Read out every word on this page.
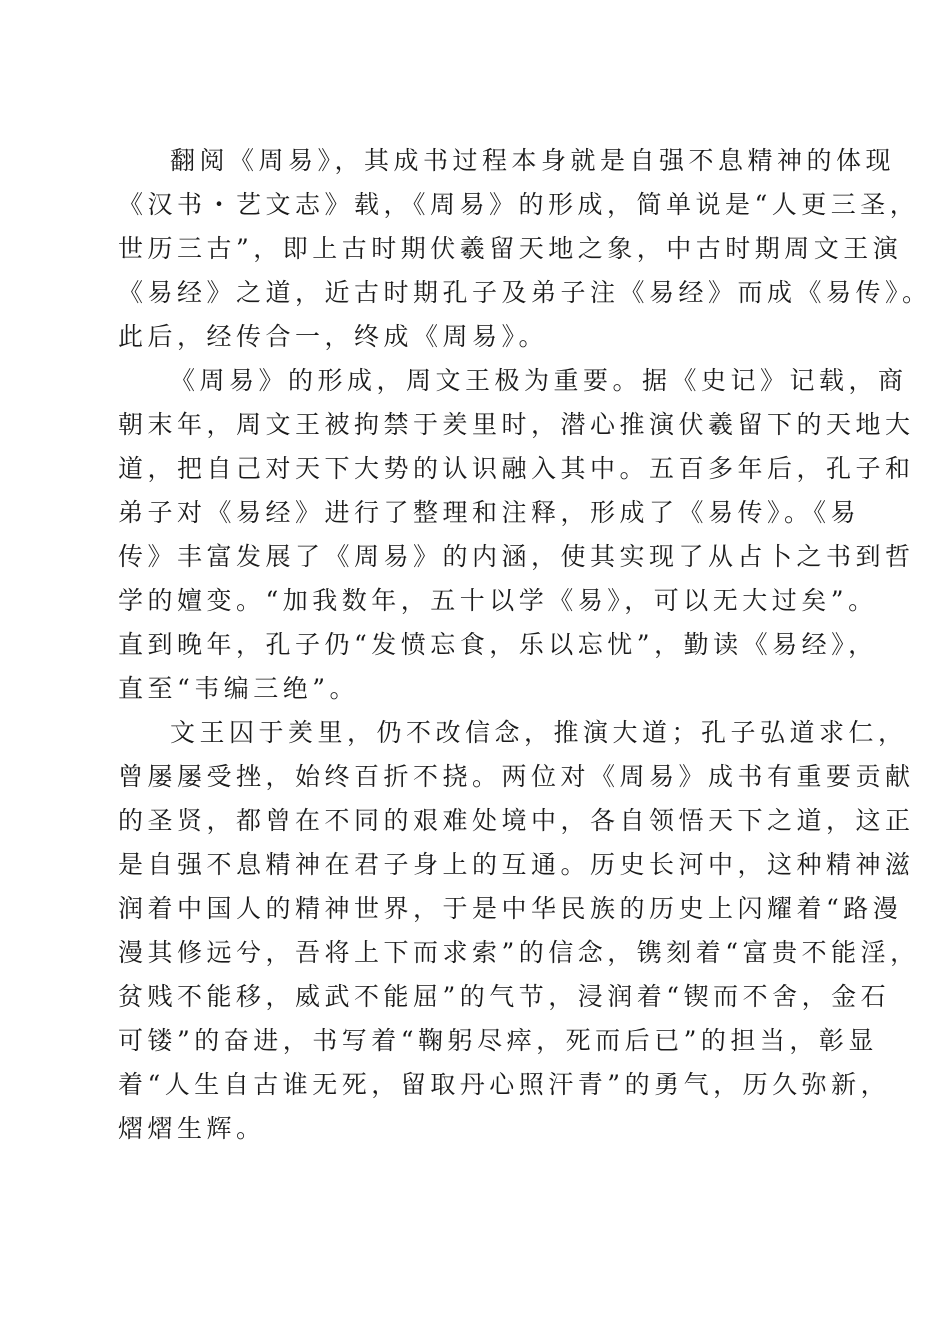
翻阅《周易》，其成书过程本身就是自强不息精神的体现
《汉书・艺文志》载，《周易》的形成，简单说是“人更三圣，
世历三古”，即上古时期伏羲留天地之象，中古时期周文王演
《易经》之道，近古时期孔子及弟子注《易经》而成《易传》。
此后，经传合一，终成《周易》。
《周易》的形成，周文王极为重要。据《史记》记载，商
朝末年，周文王被拘禁于羑里时，潜心推演伏羲留下的天地大
道，把自己对天下大势的认识融入其中。五百多年后，孔子和
弟子对《易经》进行了整理和注释，形成了《易传》。《易
传》丰富发展了《周易》的内涵，使其实现了从占卜之书到哲
学的嬗变。“加我数年，五十以学《易》，可以无大过矣”。
直到晚年，孔子仍“发愤忘食，乐以忘忧”，勤读《易经》，
直至“韦编三绝”。
文王囚于羑里，仍不改信念，推演大道；孔子弘道求仁，
曾屡屡受挫，始终百折不挠。两位对《周易》成书有重要贡献
的圣贤，都曾在不同的艰难处境中，各自领悟天下之道，这正
是自强不息精神在君子身上的互通。历史长河中，这种精神滋
润着中国人的精神世界，于是中华民族的历史上闪耀着“路漫
漫其修远兮，吾将上下而求索”的信念，镌刻着“富贵不能淫，
贫贱不能移，威武不能屈”的气节，浸润着“锲而不舍，金石
可镂”的奋进，书写着“鞠躬尽瘁，死而后已”的担当，彰显
着“人生自古谁无死，留取丹心照汗青”的勇气，历久弥新，
熠熠生辉。
